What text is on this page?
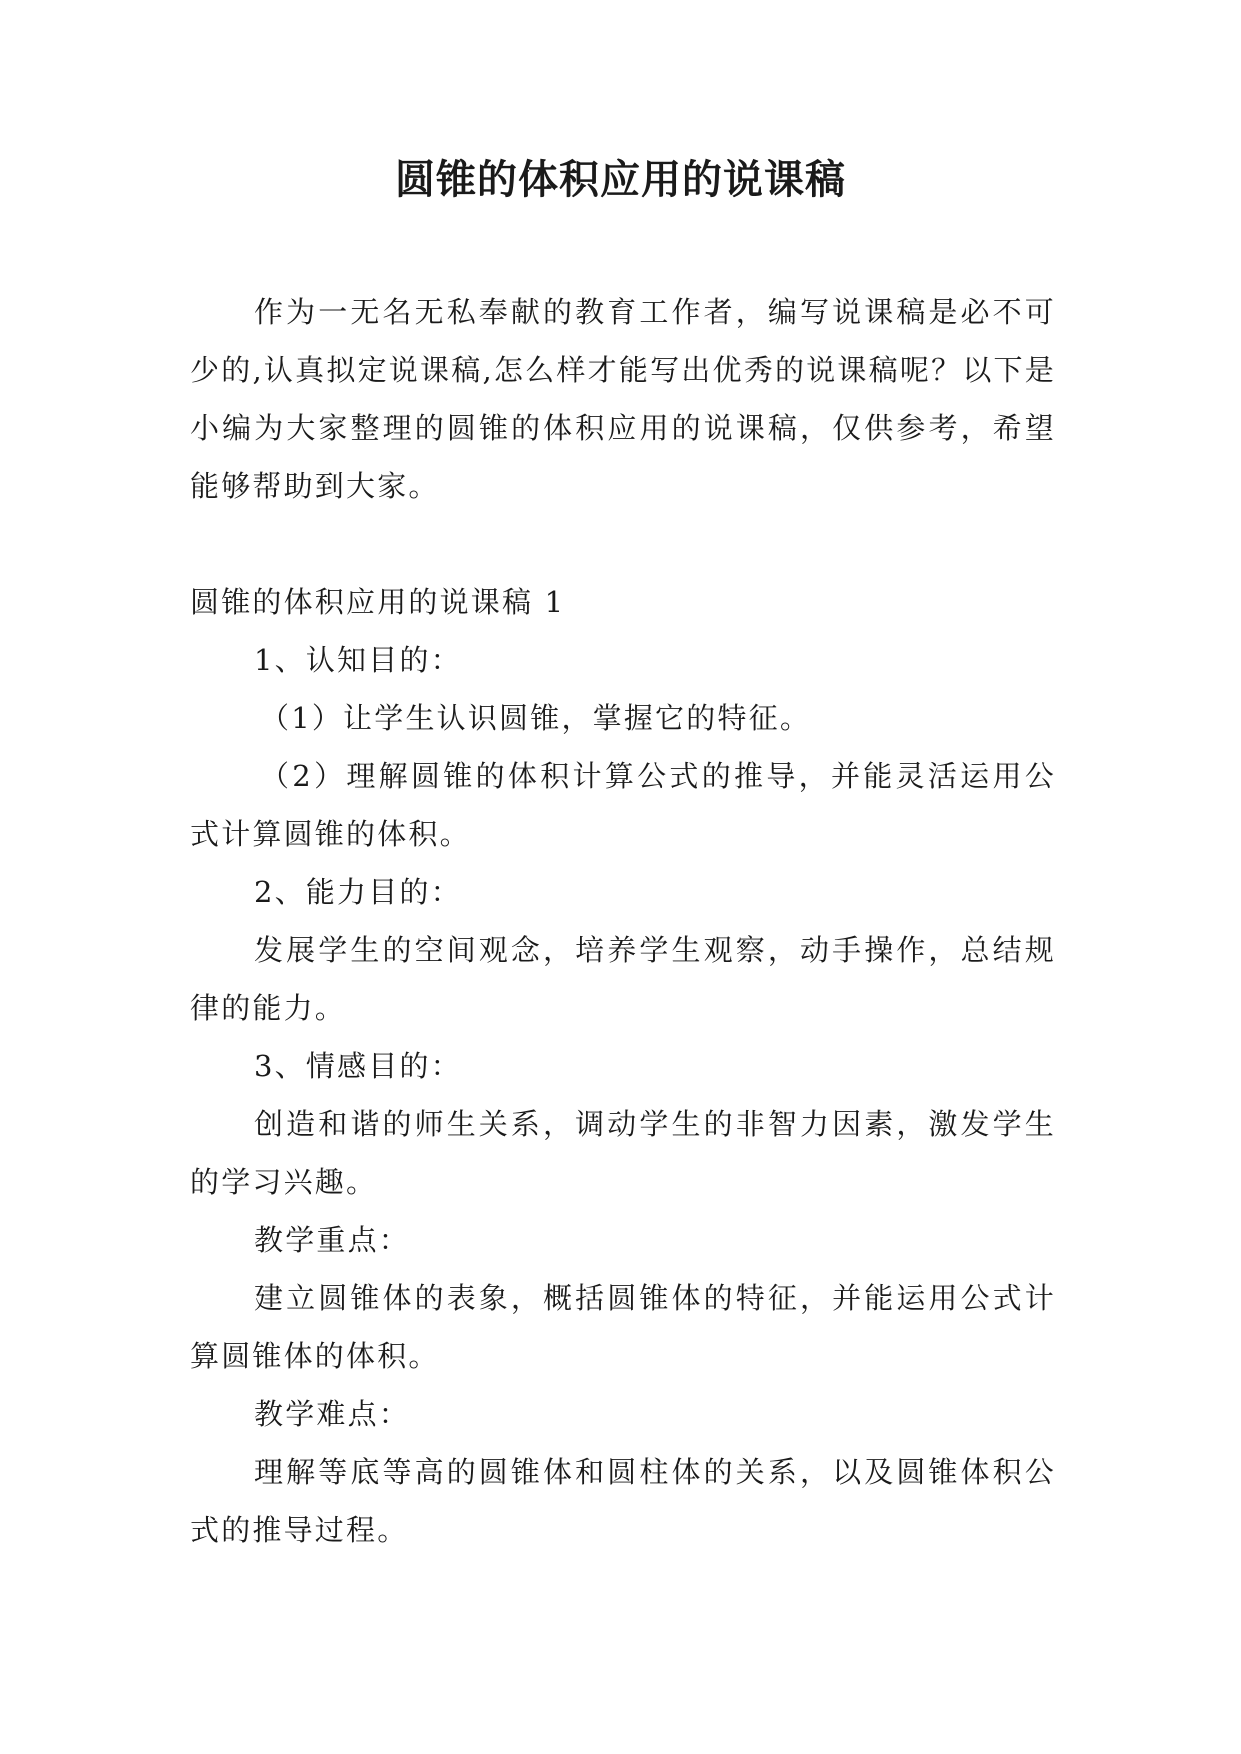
圆锥的体积应用的说课稿

作为一无名无私奉献的教育工作者，编写说课稿是必不可少的,认真拟定说课稿,怎么样才能写出优秀的说课稿呢？以下是小编为大家整理的圆锥的体积应用的说课稿，仅供参考，希望能够帮助到大家。

圆锥的体积应用的说课稿 1

1、认知目的：

（1）让学生认识圆锥，掌握它的特征。

（2）理解圆锥的体积计算公式的推导，并能灵活运用公式计算圆锥的体积。

2、能力目的：

发展学生的空间观念，培养学生观察，动手操作，总结规律的能力。

3、情感目的：

创造和谐的师生关系，调动学生的非智力因素，激发学生的学习兴趣。

教学重点：

建立圆锥体的表象，概括圆锥体的特征，并能运用公式计算圆锥体的体积。

教学难点：

理解等底等高的圆锥体和圆柱体的关系，以及圆锥体积公式的推导过程。
